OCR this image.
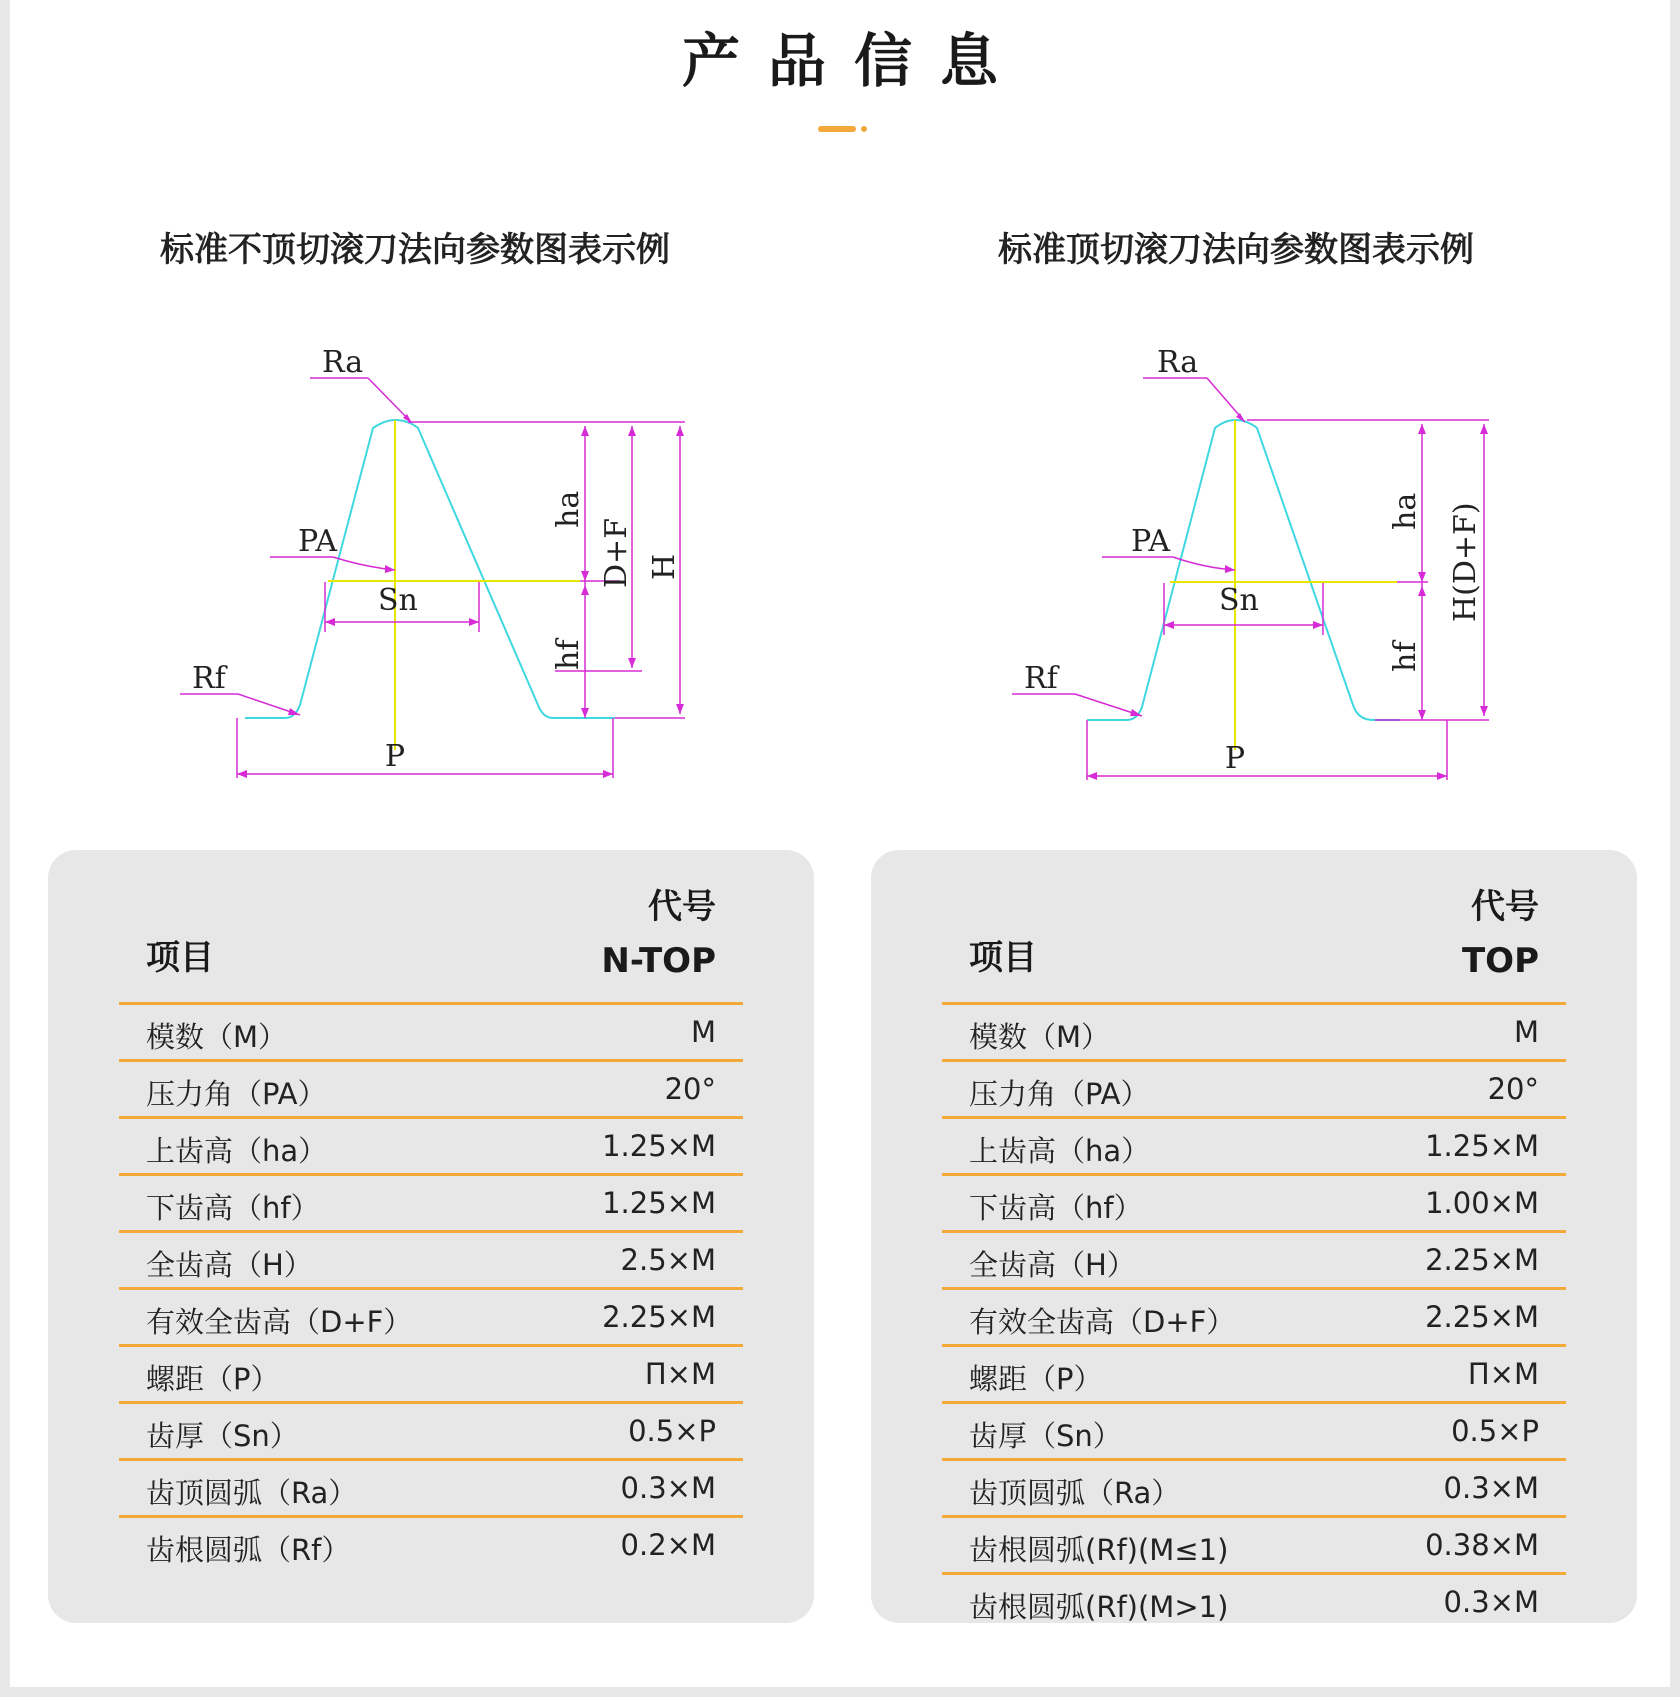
产品信息
标准不顶切滚刀法向参数图表示例	标准顶切滚刀法向参数图表示例
Ra
PA
Rf
Sn
P
ha
hf
D+F H
Ra
PA
Rf
Sn
P
ha
hf
H(D+F)
项目
代号
N-TOP
模数（M）	M
压力角（PA）	20°
上齿高（ha）	1.25×M
下齿高（hf）	1.25×M
全齿高（H）	2.5×M
有效全齿高（D+F）	2.25×M
螺距（P）	Π×M
齿厚（Sn）	0.5×P
齿顶圆弧（Ra）	0.3×M
齿根圆弧（Rf）	0.2×M
项目
代号
TOP
模数（M）	M
压力角（PA）	20°
上齿高（ha）	1.25×M
下齿高（hf）	1.00×M
全齿高（H）	2.25×M
有效全齿高（D+F）	2.25×M
螺距（P）	Π×M
齿厚（Sn）	0.5×P
齿顶圆弧（Ra）	0.3×M
齿根圆弧(Rf)(M≤1)	0.38×M
齿根圆弧(Rf)(M>1)	0.3×M
